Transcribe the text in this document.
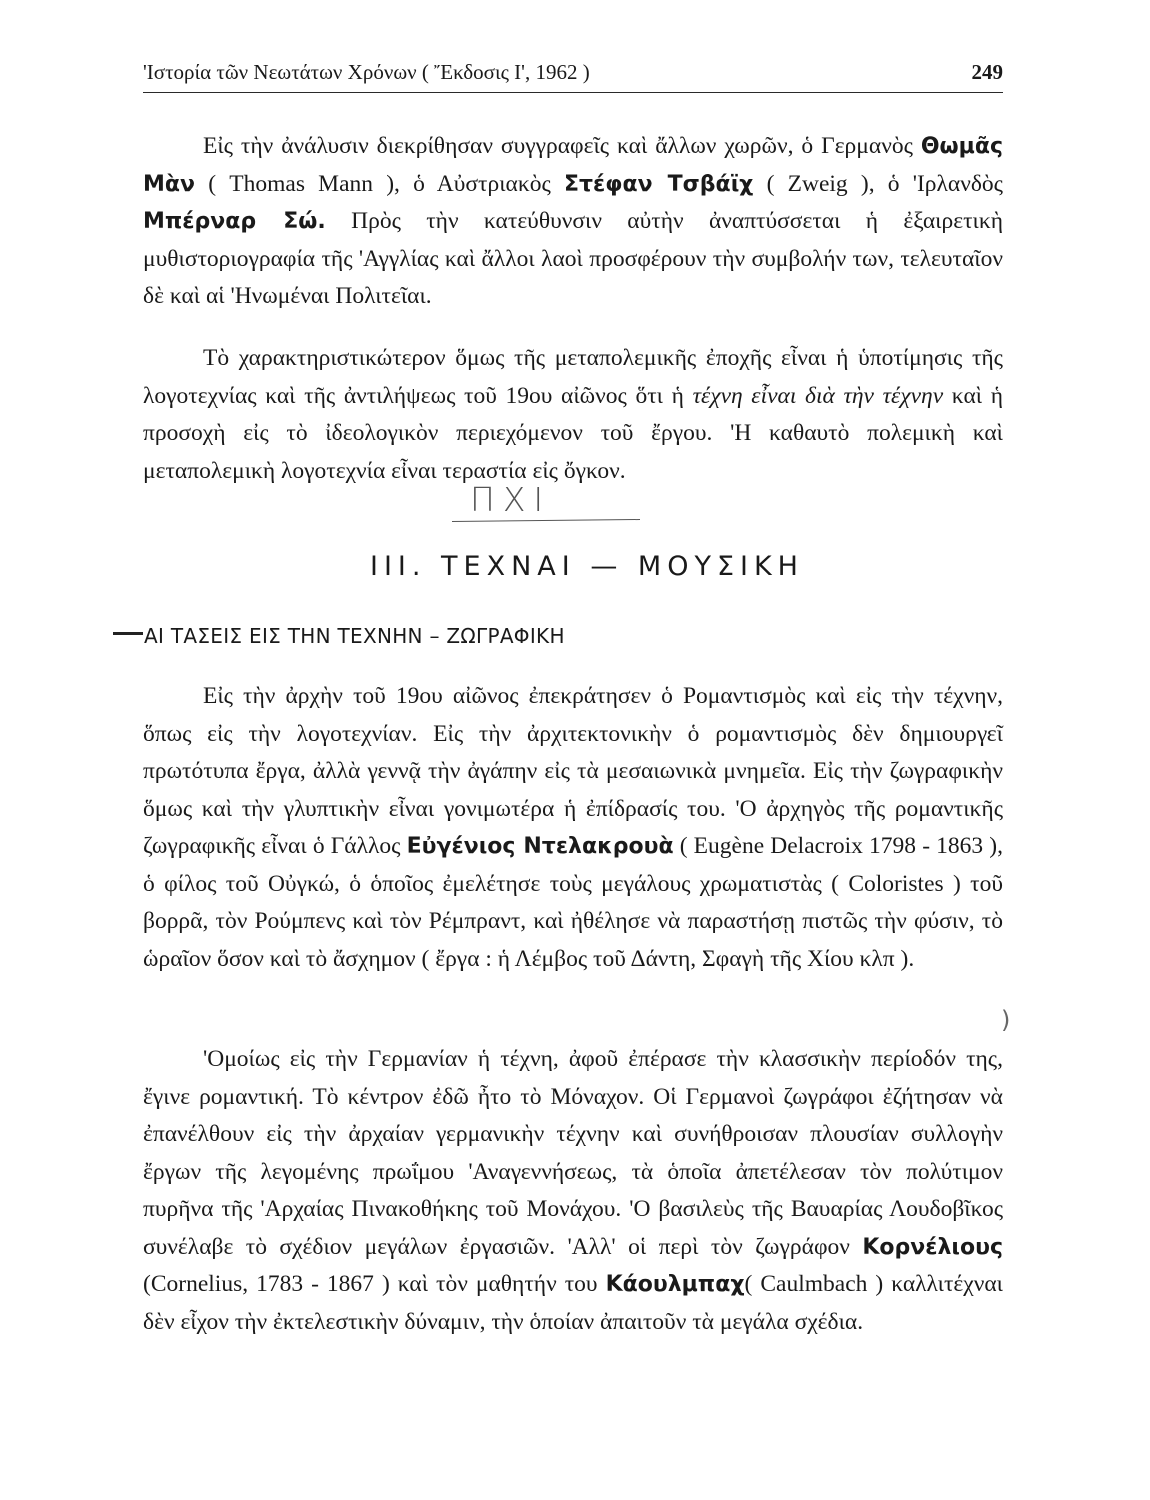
'Ιστορία τῶν Νεωτάτων Χρόνων ( Ἔκδοσις Ι', 1962 )	249

Εἰς τὴν ἀνάλυσιν διεκρίθησαν συγγραφεῖς καὶ ἄλλων χωρῶν, ὁ Γερμανὸς Θωμᾶς Μὰν ( Thomas Mann ), ὁ Αὐστριακὸς Στέφαν Τσβάϊχ ( Zweig ), ὁ 'Ιρλανδὸς Μπέρναρ Σώ. Πρὸς τὴν κατεύθυνσιν αὐτὴν ἀναπτύσσεται ἡ ἐξαιρετικὴ μυθιστοριογραφία τῆς 'Αγγλίας καὶ ἄλλοι λαοὶ προσφέρουν τὴν συμβολήν των, τελευταῖον δὲ καὶ αἱ 'Ηνωμέναι Πολιτεῖαι.

Τὸ χαρακτηριστικώτερον ὅμως τῆς μεταπολεμικῆς ἐποχῆς εἶναι ἡ ὑποτίμησις τῆς λογοτεχνίας καὶ τῆς ἀντιλήψεως τοῦ 19ου αἰῶνος ὅτι ἡ τέχνη εἶναι διὰ τὴν τέχνην καὶ ἡ προσοχὴ εἰς τὸ ἰδεολογικὸν περιεχόμενον τοῦ ἔργου. 'Η καθαυτὸ πολεμικὴ καὶ μεταπολεμικὴ λογοτεχνία εἶναι τεραστία εἰς ὄγκον.

ΠΧΙ
ΙΙΙ. ΤΕΧΝΑΙ — ΜΟΥΣΙΚΗ
ΑΙ ΤΑΣΕΙΣ ΕΙΣ ΤΗΝ ΤΕΧΝΗΝ – ΖΩΓΡΑΦΙΚΗ

Εἰς τὴν ἀρχὴν τοῦ 19ου αἰῶνος ἐπεκράτησεν ὁ Ρομαντισμὸς καὶ εἰς τὴν τέχνην, ὅπως εἰς τὴν λογοτεχνίαν. Εἰς τὴν ἀρχιτεκτονικὴν ὁ ρομαντισμὸς δὲν δημιουργεῖ πρωτότυπα ἔργα, ἀλλὰ γεννᾷ τὴν ἀγάπην εἰς τὰ μεσαιωνικὰ μνημεῖα. Εἰς τὴν ζωγραφικὴν ὅμως καὶ τὴν γλυπτικὴν εἶναι γονιμωτέρα ἡ ἐπίδρασίς του. 'Ο ἀρχηγὸς τῆς ρομαντικῆς ζωγραφικῆς εἶναι ὁ Γάλλος Εὐγένιος Ντελακρουὰ ( Eugène Delacroix 1798 - 1863 ), ὁ φίλος τοῦ Οὐγκώ, ὁ ὁποῖος ἐμελέτησε τοὺς μεγάλους χρωματιστὰς ( Coloristes ) τοῦ βορρᾶ, τὸν Ρούμπενς καὶ τὸν Ρέμπραντ, καὶ ἠθέλησε νὰ παραστήσῃ πιστῶς τὴν φύσιν, τὸ ὡραῖον ὅσον καὶ τὸ ἄσχημον ( ἔργα : ἡ Λέμβος τοῦ Δάντη, Σφαγὴ τῆς Χίου κλπ ).

)

'Ομοίως εἰς τὴν Γερμανίαν ἡ τέχνη, ἀφοῦ ἐπέρασε τὴν κλασσικὴν περίοδόν της, ἔγινε ρομαντική. Τὸ κέντρον ἐδῶ ἦτο τὸ Μόναχον. Οἱ Γερμανοὶ ζωγράφοι ἐζήτησαν νὰ ἐπανέλθουν εἰς τὴν ἀρχαίαν γερμανικὴν τέχνην καὶ συνήθροισαν πλουσίαν συλλογὴν ἔργων τῆς λεγομένης πρωΐμου 'Αναγεννήσεως, τὰ ὁποῖα ἀπετέλεσαν τὸν πολύτιμον πυρῆνα τῆς 'Αρχαίας Πινακοθήκης τοῦ Μονάχου. 'Ο βασιλεὺς τῆς Βαυαρίας Λουδοβῖκος συνέλαβε τὸ σχέδιον μεγάλων ἐργασιῶν. 'Αλλ' οἱ περὶ τὸν ζωγράφον Κορνέλιους (Cornelius, 1783 - 1867 ) καὶ τὸν μαθητήν του Κάουλμπαχ( Caulmbach ) καλλιτέχναι δὲν εἶχον τὴν ἐκτελεστικὴν δύναμιν, τὴν ὁποίαν ἀπαιτοῦν τὰ μεγάλα σχέδια.
